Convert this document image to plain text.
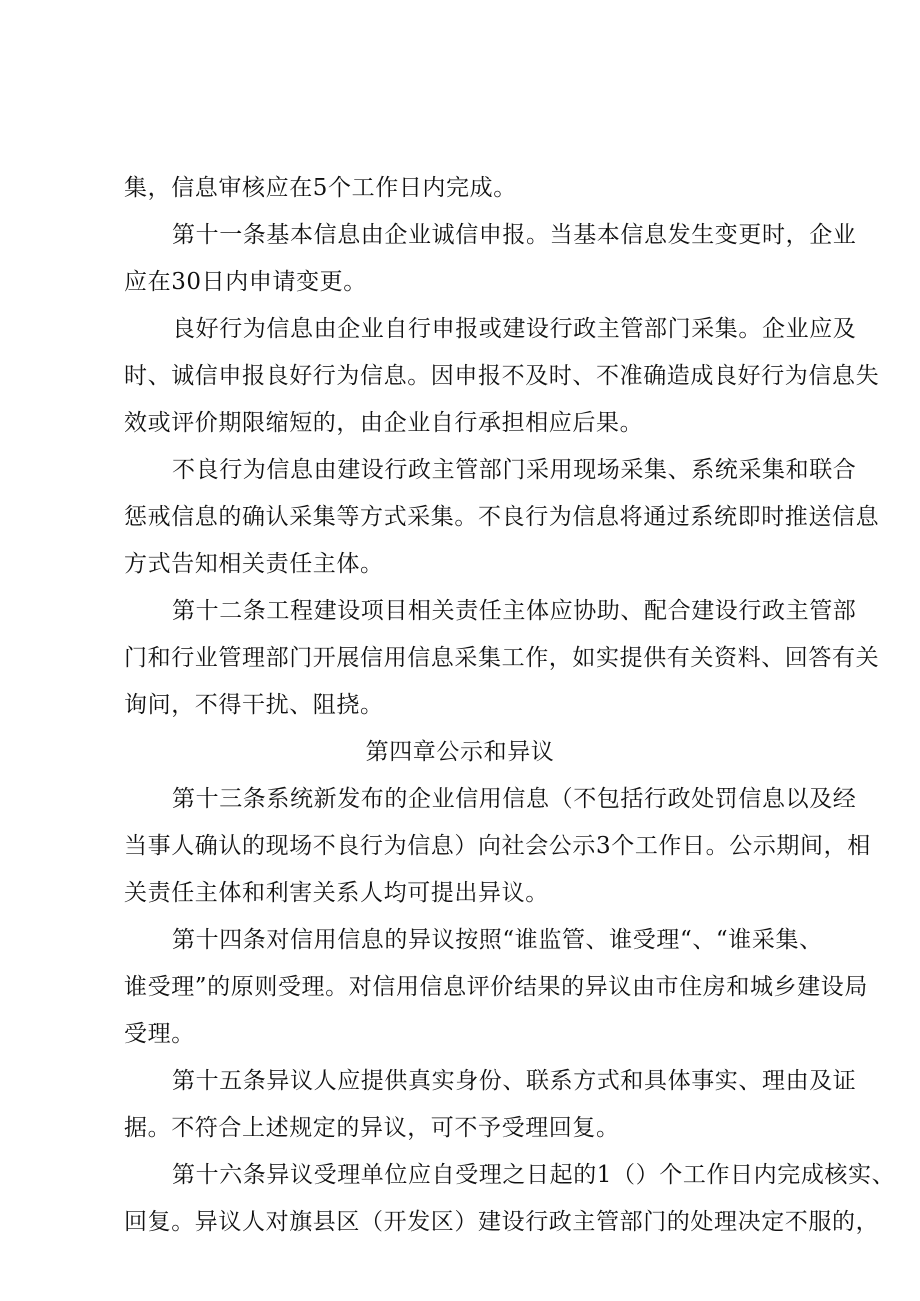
集，信息审核应在5个工作日内完成。
第十一条基本信息由企业诚信申报。当基本信息发生变更时，企业
应在30日内申请变更。
良好行为信息由企业自行申报或建设行政主管部门采集。企业应及
时、诚信申报良好行为信息。因申报不及时、不准确造成良好行为信息失
效或评价期限缩短的，由企业自行承担相应后果。
不良行为信息由建设行政主管部门采用现场采集、系统采集和联合
惩戒信息的确认采集等方式采集。不良行为信息将通过系统即时推送信息
方式告知相关责任主体。
第十二条工程建设项目相关责任主体应协助、配合建设行政主管部
门和行业管理部门开展信用信息采集工作，如实提供有关资料、回答有关
询问，不得干扰、阻挠。
第四章公示和异议
第十三条系统新发布的企业信用信息（不包括行政处罚信息以及经
当事人确认的现场不良行为信息）向社会公示3个工作日。公示期间，相
关责任主体和利害关系人均可提出异议。
第十四条对信用信息的异议按照“谁监管、谁受理“、“谁采集、
谁受理”的原则受理。对信用信息评价结果的异议由市住房和城乡建设局
受理。
第十五条异议人应提供真实身份、联系方式和具体事实、理由及证
据。不符合上述规定的异议，可不予受理回复。
第十六条异议受理单位应自受理之日起的1（）个工作日内完成核实、
回复。异议人对旗县区（开发区）建设行政主管部门的处理决定不服的，
